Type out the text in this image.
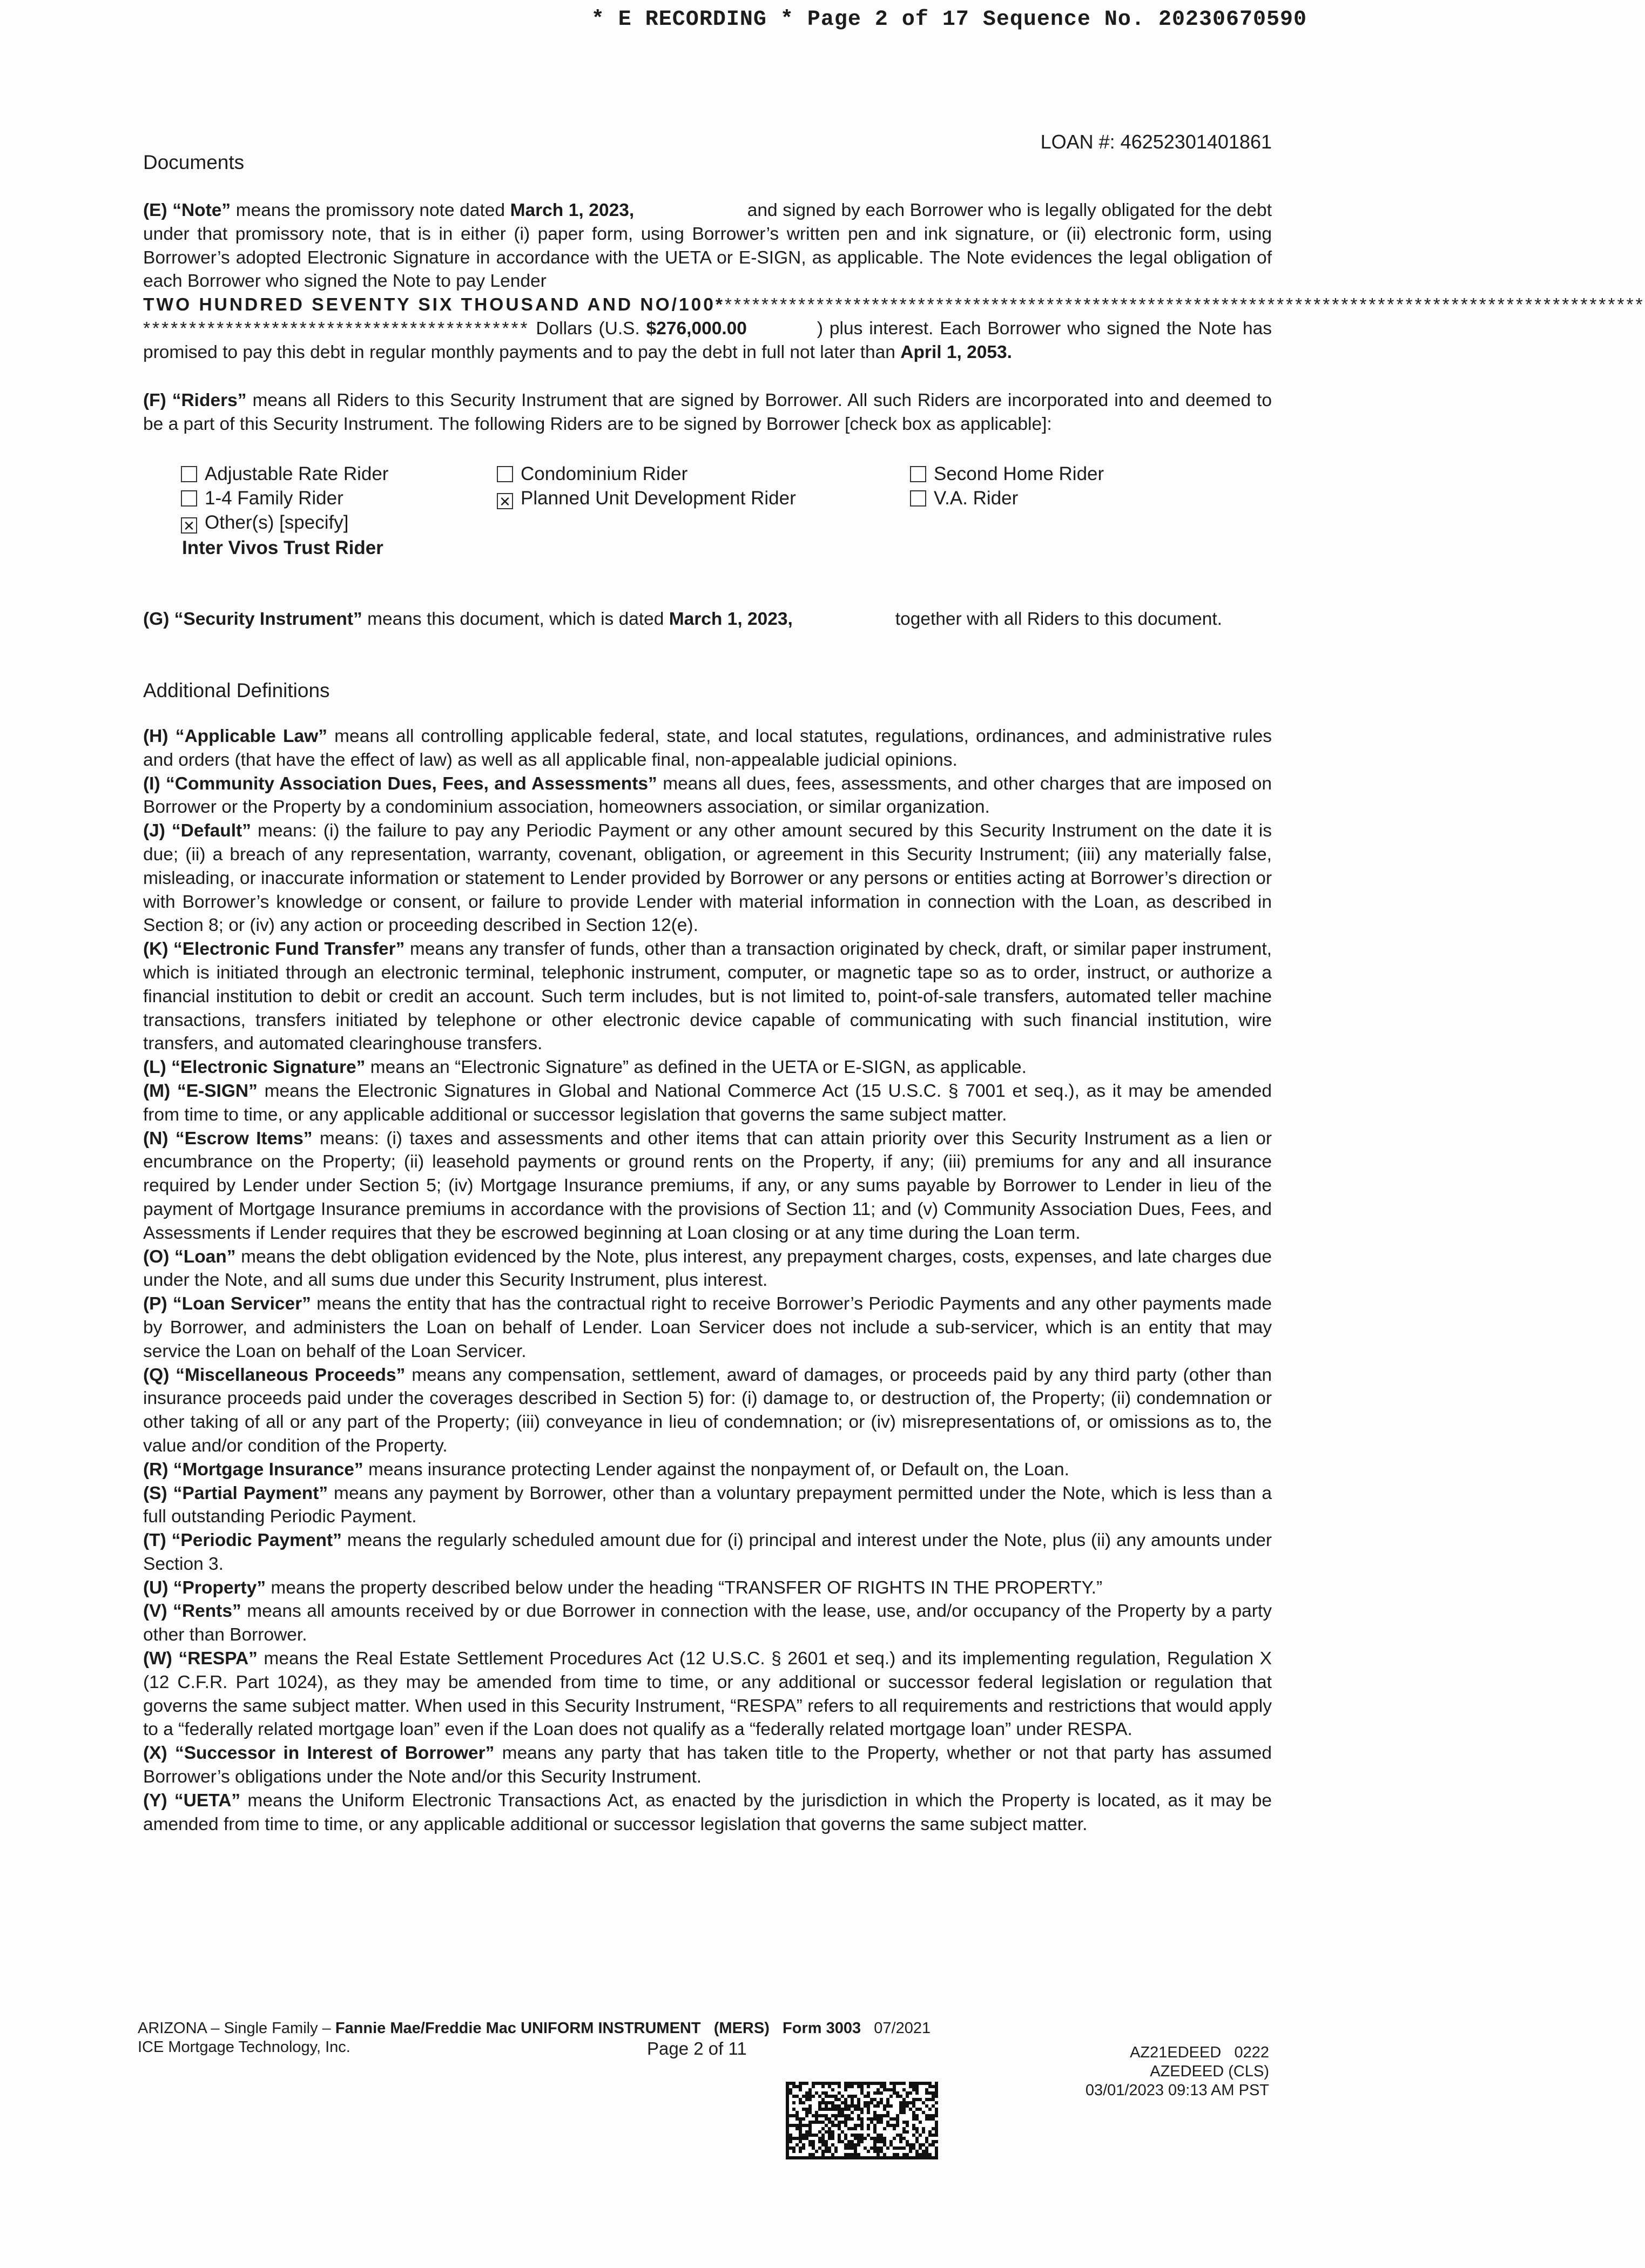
* E RECORDING * Page 2 of 17 Sequence No. 20230670590
LOAN #: 46252301401861
Documents

(E) “Note” means the promissory note dated March 1, 2023,	and signed by each Borrower who is legally obligated for the debt under that promissory note, that is in either (i) paper form, using Borrower’s written pen and ink signature, or (ii) electronic form, using Borrower’s adopted Electronic Signature in accordance with the UETA or E-SIGN, as applicable. The Note evidences the legal obligation of each Borrower who signed the Note to pay Lender

TWO HUNDRED SEVENTY SIX THOUSAND AND NO/100*****************************************************************************************************

****************************************** Dollars (U.S. $276,000.00	) plus interest. Each Borrower who signed the Note has promised to pay this debt in regular monthly payments and to pay the debt in full not later than April 1, 2053.

(F) “Riders” means all Riders to this Security Instrument that are signed by Borrower. All such Riders are incorporated into and deemed to be a part of this Security Instrument. The following Riders are to be signed by Borrower [check box as applicable]:

Adjustable Rate Rider	Condominium Rider	Second Home Rider
1-4 Family Rider	✕ Planned Unit Development Rider	V.A. Rider
✕ Other(s) [specify]
Inter Vivos Trust Rider

(G) “Security Instrument” means this document, which is dated March 1, 2023,	together with all Riders to this document.

Additional Definitions

(H) “Applicable Law” means all controlling applicable federal, state, and local statutes, regulations, ordinances, and administrative rules and orders (that have the effect of law) as well as all applicable final, non-appealable judicial opinions.

(I) “Community Association Dues, Fees, and Assessments” means all dues, fees, assessments, and other charges that are imposed on Borrower or the Property by a condominium association, homeowners association, or similar organization.

(J) “Default” means: (i) the failure to pay any Periodic Payment or any other amount secured by this Security Instrument on the date it is due; (ii) a breach of any representation, warranty, covenant, obligation, or agreement in this Security Instrument; (iii) any materially false, misleading, or inaccurate information or statement to Lender provided by Borrower or any persons or entities acting at Borrower’s direction or with Borrower’s knowledge or consent, or failure to provide Lender with material information in connection with the Loan, as described in Section 8; or (iv) any action or proceeding described in Section 12(e).

(K) “Electronic Fund Transfer” means any transfer of funds, other than a transaction originated by check, draft, or similar paper instrument, which is initiated through an electronic terminal, telephonic instrument, computer, or magnetic tape so as to order, instruct, or authorize a financial institution to debit or credit an account. Such term includes, but is not limited to, point-of-sale transfers, automated teller machine transactions, transfers initiated by telephone or other electronic device capable of communicating with such financial institution, wire transfers, and automated clearinghouse transfers.

(L) “Electronic Signature” means an “Electronic Signature” as defined in the UETA or E-SIGN, as applicable.

(M) “E-SIGN” means the Electronic Signatures in Global and National Commerce Act (15 U.S.C. § 7001 et seq.), as it may be amended from time to time, or any applicable additional or successor legislation that governs the same subject matter.

(N) “Escrow Items” means: (i) taxes and assessments and other items that can attain priority over this Security Instrument as a lien or encumbrance on the Property; (ii) leasehold payments or ground rents on the Property, if any; (iii) premiums for any and all insurance required by Lender under Section 5; (iv) Mortgage Insurance premiums, if any, or any sums payable by Borrower to Lender in lieu of the payment of Mortgage Insurance premiums in accordance with the provisions of Section 11; and (v) Community Association Dues, Fees, and Assessments if Lender requires that they be escrowed beginning at Loan closing or at any time during the Loan term.

(O) “Loan” means the debt obligation evidenced by the Note, plus interest, any prepayment charges, costs, expenses, and late charges due under the Note, and all sums due under this Security Instrument, plus interest.

(P) “Loan Servicer” means the entity that has the contractual right to receive Borrower’s Periodic Payments and any other payments made by Borrower, and administers the Loan on behalf of Lender. Loan Servicer does not include a sub-servicer, which is an entity that may service the Loan on behalf of the Loan Servicer.

(Q) “Miscellaneous Proceeds” means any compensation, settlement, award of damages, or proceeds paid by any third party (other than insurance proceeds paid under the coverages described in Section 5) for: (i) damage to, or destruction of, the Property; (ii) condemnation or other taking of all or any part of the Property; (iii) conveyance in lieu of condemnation; or (iv) misrepresentations of, or omissions as to, the value and/or condition of the Property.

(R) “Mortgage Insurance” means insurance protecting Lender against the nonpayment of, or Default on, the Loan.

(S) “Partial Payment” means any payment by Borrower, other than a voluntary prepayment permitted under the Note, which is less than a full outstanding Periodic Payment.

(T) “Periodic Payment” means the regularly scheduled amount due for (i) principal and interest under the Note, plus (ii) any amounts under Section 3.

(U) “Property” means the property described below under the heading “TRANSFER OF RIGHTS IN THE PROPERTY.”

(V) “Rents” means all amounts received by or due Borrower in connection with the lease, use, and/or occupancy of the Property by a party other than Borrower.

(W) “RESPA” means the Real Estate Settlement Procedures Act (12 U.S.C. § 2601 et seq.) and its implementing regulation, Regulation X (12 C.F.R. Part 1024), as they may be amended from time to time, or any additional or successor federal legislation or regulation that governs the same subject matter. When used in this Security Instrument, “RESPA” refers to all requirements and restrictions that would apply to a “federally related mortgage loan” even if the Loan does not qualify as a “federally related mortgage loan” under RESPA.

(X) “Successor in Interest of Borrower” means any party that has taken title to the Property, whether or not that party has assumed Borrower’s obligations under the Note and/or this Security Instrument.

(Y) “UETA” means the Uniform Electronic Transactions Act, as enacted by the jurisdiction in which the Property is located, as it may be amended from time to time, or any applicable additional or successor legislation that governs the same subject matter.

ARIZONA – Single Family – Fannie Mae/Freddie Mac UNIFORM INSTRUMENT (MERS) Form 3003 07/2021
ICE Mortgage Technology, Inc.	Page 2 of 11	AZ21EDEED   0222
AZEDEED (CLS)
03/01/2023 09:13 AM PST
